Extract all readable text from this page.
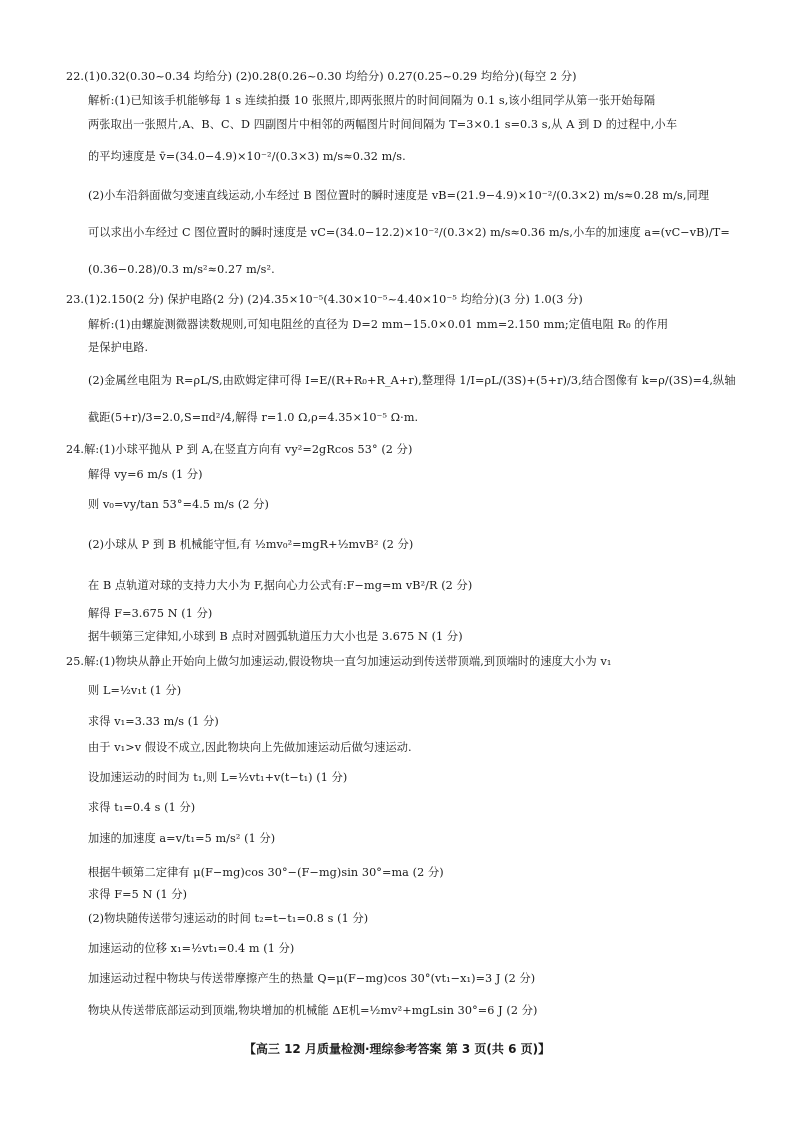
22.(1)0.32(0.30~0.34 均给分) (2)0.28(0.26~0.30 均给分) 0.27(0.25~0.29 均给分)(每空 2 分)
解析:(1)已知该手机能够每 1 s 连续拍摄 10 张照片,即两张照片的时间间隔为 0.1 s,该小组同学从第一张开始每隔
两张取出一张照片,A、B、C、D 四副图片中相邻的两幅图片时间间隔为 T=3×0.1 s=0.3 s,从 A 到 D 的过程中,小车
的平均速度是 v̄=(34.0−4.9)×10⁻²/(0.3×3) m/s≈0.32 m/s.
(2)小车沿斜面做匀变速直线运动,小车经过 B 图位置时的瞬时速度是 vB=(21.9−4.9)×10⁻²/(0.3×2) m/s≈0.28 m/s,同理
可以求出小车经过 C 图位置时的瞬时速度是 vC=(34.0−12.2)×10⁻²/(0.3×2) m/s≈0.36 m/s,小车的加速度 a=(vC−vB)/T=
(0.36−0.28)/0.3 m/s²≈0.27 m/s².
23.(1)2.150(2 分) 保护电路(2 分) (2)4.35×10⁻⁵(4.30×10⁻⁵~4.40×10⁻⁵ 均给分)(3 分) 1.0(3 分)
解析:(1)由螺旋测微器读数规则,可知电阻丝的直径为 D=2 mm−15.0×0.01 mm=2.150 mm;定值电阻 R₀ 的作用
是保护电路.
(2)金属丝电阻为 R=ρL/S,由欧姆定律可得 I=E/(R+R₀+R_A+r),整理得 1/I=ρL/(3S)+(5+r)/3,结合图像有 k=ρ/(3S)=4,纵轴
截距(5+r)/3=2.0,S=πd²/4,解得 r=1.0 Ω,ρ=4.35×10⁻⁵ Ω·m.
24.解:(1)小球平抛从 P 到 A,在竖直方向有 vy²=2gRcos 53° (2 分)
解得 vy=6 m/s (1 分)
则 v₀=vy/tan 53°=4.5 m/s (2 分)
(2)小球从 P 到 B 机械能守恒,有 ½mv₀²=mgR+½mvB² (2 分)
在 B 点轨道对球的支持力大小为 F,据向心力公式有:F−mg=m vB²/R (2 分)
解得 F=3.675 N (1 分)
据牛顿第三定律知,小球到 B 点时对圆弧轨道压力大小也是 3.675 N (1 分)
25.解:(1)物块从静止开始向上做匀加速运动,假设物块一直匀加速运动到传送带顶端,到顶端时的速度大小为 v₁
则 L=½v₁t (1 分)
求得 v₁=3.33 m/s (1 分)
由于 v₁>v 假设不成立,因此物块向上先做加速运动后做匀速运动.
设加速运动的时间为 t₁,则 L=½vt₁+v(t−t₁) (1 分)
求得 t₁=0.4 s (1 分)
加速的加速度 a=v/t₁=5 m/s² (1 分)
根据牛顿第二定律有 μ(F−mg)cos 30°−(F−mg)sin 30°=ma (2 分)
求得 F=5 N (1 分)
(2)物块随传送带匀速运动的时间 t₂=t−t₁=0.8 s (1 分)
加速运动的位移 x₁=½vt₁=0.4 m (1 分)
加速运动过程中物块与传送带摩擦产生的热量 Q=μ(F−mg)cos 30°(vt₁−x₁)=3 J (2 分)
物块从传送带底部运动到顶端,物块增加的机械能 ΔE机=½mv²+mgLsin 30°=6 J (2 分)
【高三 12 月质量检测·理综参考答案 第 3 页(共 6 页)】
